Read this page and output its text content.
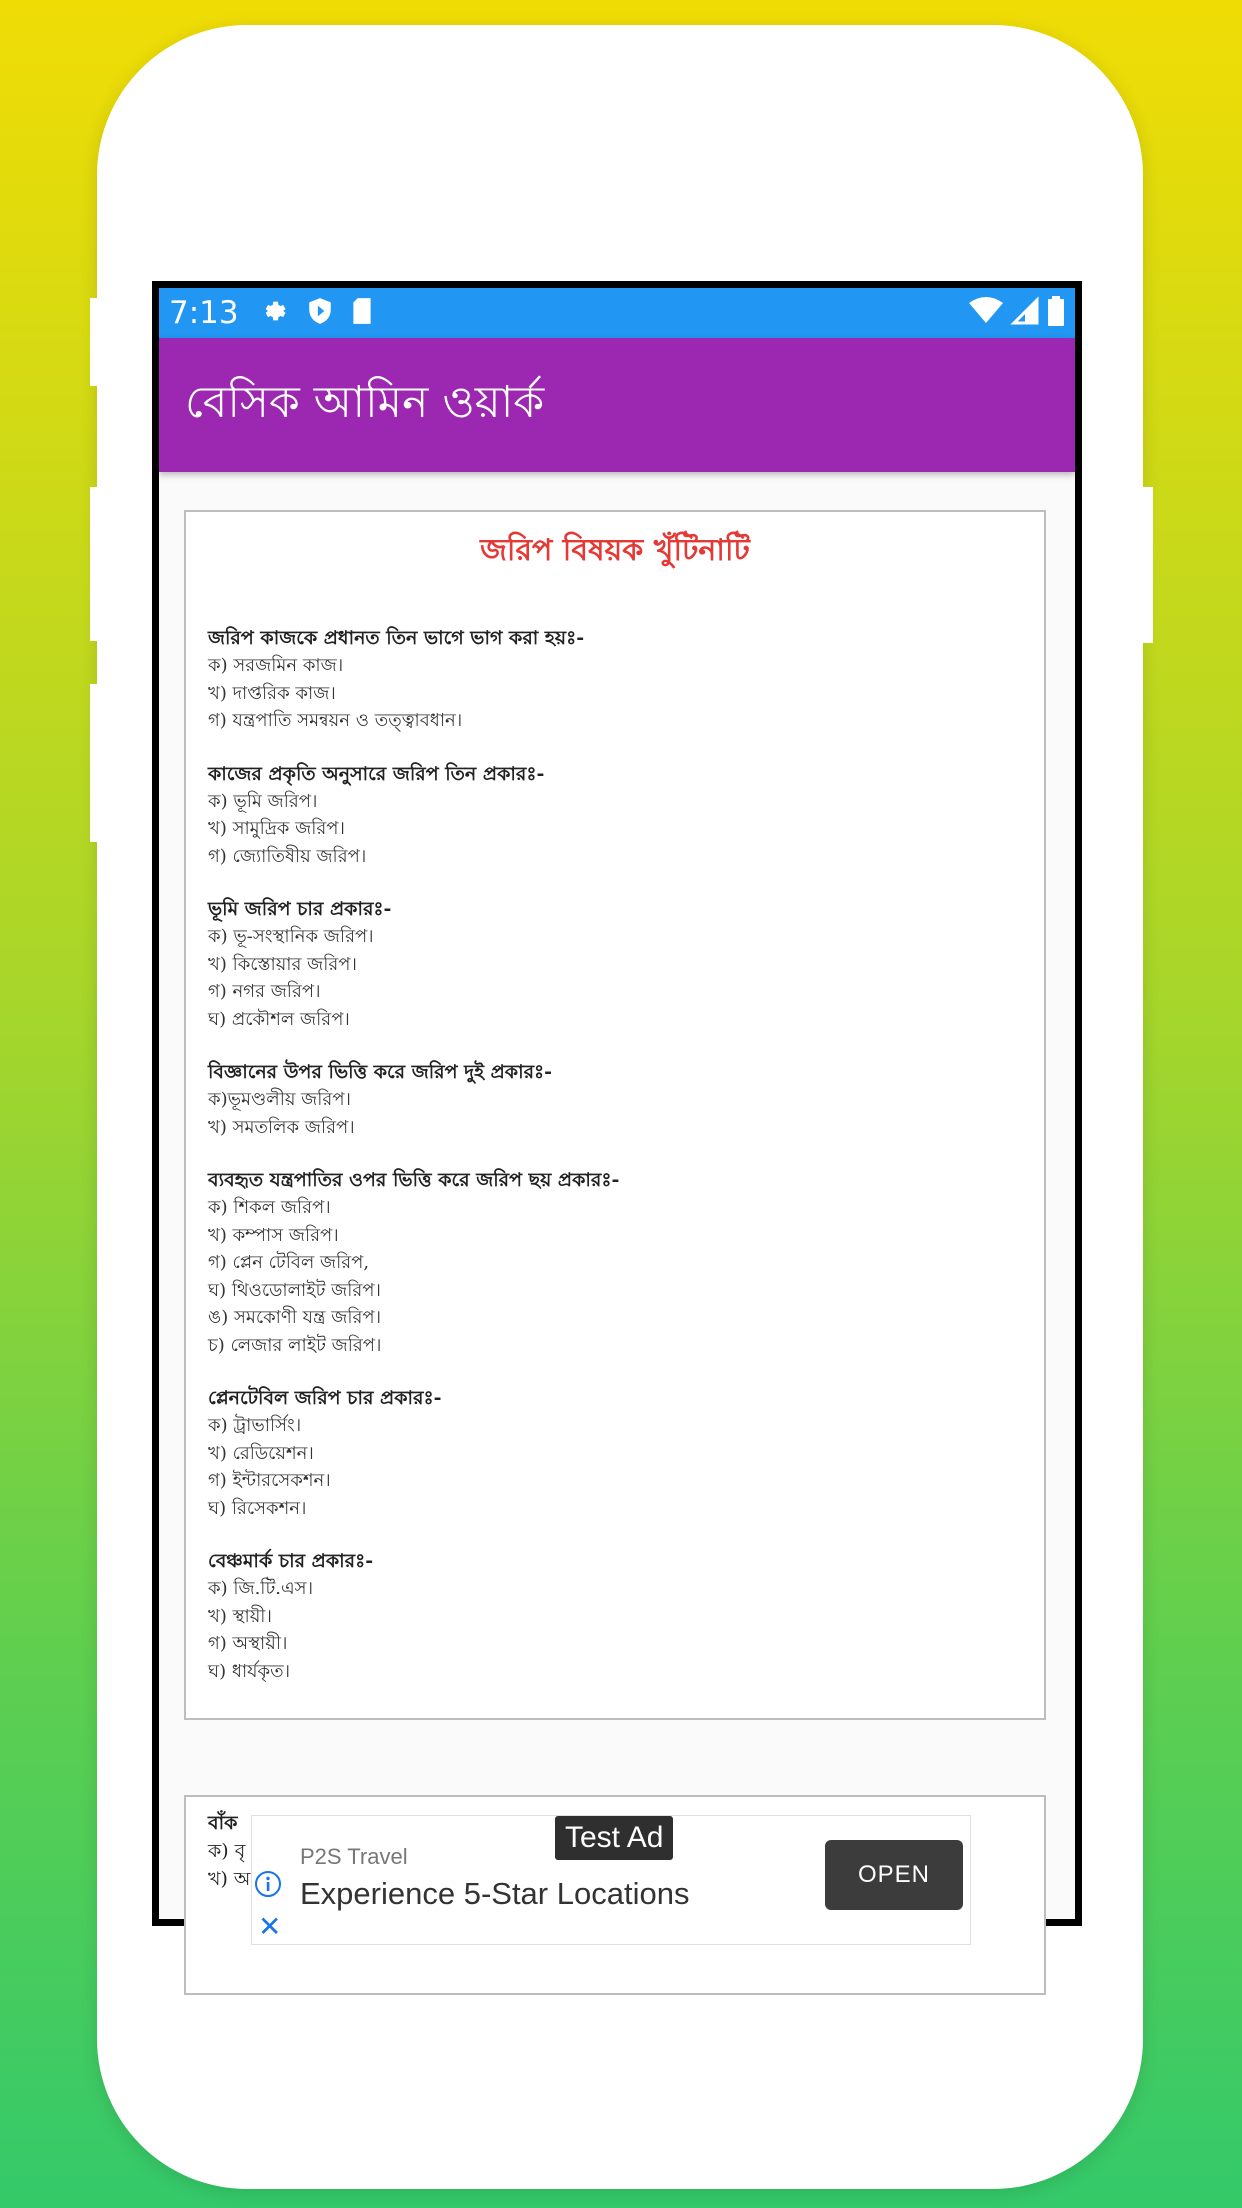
7:13
বেসিক আমিন ওয়ার্ক
জরিপ বিষয়ক খুঁটিনাটি
জরিপ কাজকে প্রধানত তিন ভাগে ভাগ করা হয়ঃ-
ক) সরজমিন কাজ।
খ) দাপ্তরিক কাজ।
গ) যন্ত্রপাতি সমন্বয়ন ও তত্ত্বাবধান।
কাজের প্রকৃতি অনুসারে জরিপ তিন প্রকারঃ-
ক) ভূমি জরিপ।
খ) সামুদ্রিক জরিপ।
গ) জ্যোতিষীয় জরিপ।
ভূমি জরিপ চার প্রকারঃ-
ক) ভূ-সংস্থানিক জরিপ।
খ) কিস্তোয়ার জরিপ।
গ) নগর জরিপ।
ঘ) প্রকৌশল জরিপ।
বিজ্ঞানের উপর ভিত্তি করে জরিপ দুই প্রকারঃ-
ক)ভূমণ্ডলীয় জরিপ।
খ) সমতলিক জরিপ।
ব্যবহৃত যন্ত্রপাতির ওপর ভিত্তি করে জরিপ ছয় প্রকারঃ-
ক) শিকল জরিপ।
খ) কম্পাস জরিপ।
গ) প্লেন টেবিল জরিপ,
ঘ) থিওডোলাইট জরিপ।
ঙ) সমকোণী যন্ত্র জরিপ।
চ) লেজার লাইট জরিপ।
প্লেনটেবিল জরিপ চার প্রকারঃ-
ক) ট্রাভার্সিং।
খ) রেডিয়েশন।
গ) ইন্টারসেকশন।
ঘ) রিসেকশন।
বেঞ্চমার্ক চার প্রকারঃ-
ক) জি.টি.এস।
খ) স্থায়ী।
গ) অস্থায়ী।
ঘ) ধার্যকৃত।
বাঁক
ক) বৃ
খ) অ
Test Ad
✕
P2S Travel
Experience 5-Star Locations
OPEN
